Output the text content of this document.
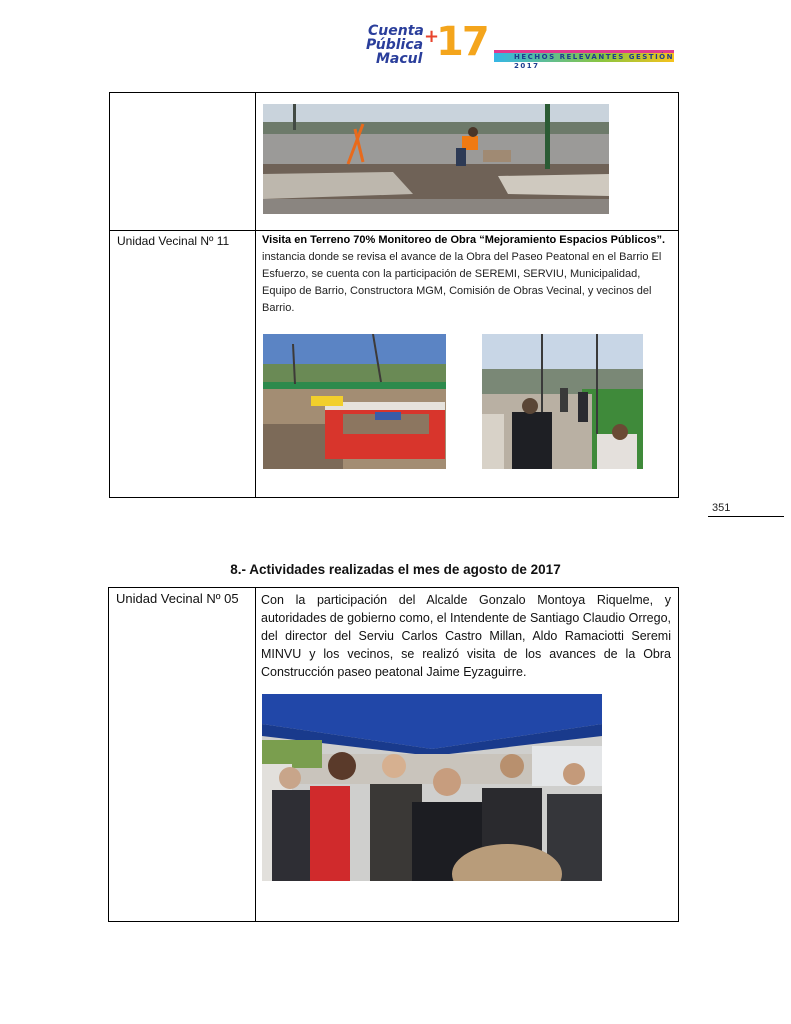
Cuenta
Pública
Macul
+
17	HECHOS RELEVANTES GESTIÓN 2017
Unidad Vecinal Nº 11	Visita en Terreno 70% Monitoreo de Obra “Mejoramiento Espacios Públicos”. instancia donde se revisa el avance de la Obra del Paseo Peatonal en el Barrio El Esfuerzo, se cuenta con la participación de SEREMI, SERVIU, Municipalidad, Equipo de Barrio, Constructora MGM, Comisión de Obras Vecinal, y vecinos del Barrio.
351
8.- Actividades realizadas el mes de agosto de 2017
Unidad Vecinal Nº 05 Con la participación del Alcalde Gonzalo Montoya Riquelme, y autoridades de gobierno como, el Intendente de Santiago Claudio Orrego, del director del Serviu Carlos Castro Millan, Aldo Ramaciotti Seremi MINVU y los vecinos, se realizó visita de los avances de la Obra Construcción paseo peatonal Jaime Eyzaguirre.
